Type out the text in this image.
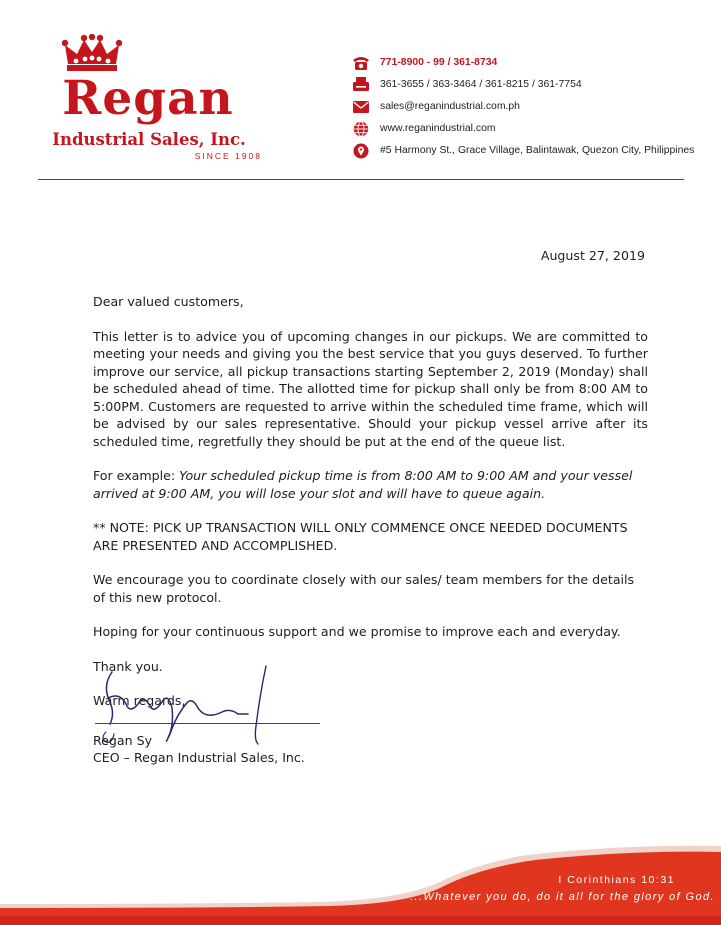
Regan
Industrial Sales, Inc.
SINCE 1908
771-8900 - 99 / 361-8734
361-3655 / 363-3464 / 361-8215 / 361-7754
sales@reganindustrial.com.ph
www.reganindustrial.com
#5 Harmony St., Grace Village, Balintawak, Quezon City, Philippines
August 27, 2019

Dear valued customers,

This letter is to advice you of upcoming changes in our pickups. We are committed to meeting your needs and giving you the best service that you guys deserved. To further improve our service, all pickup transactions starting September 2, 2019 (Monday) shall be scheduled ahead of time. The allotted time for pickup shall only be from 8:00 AM to 5:00PM. Customers are requested to arrive within the scheduled time frame, which will be advised by our sales representative. Should your pickup vessel arrive after its scheduled time, regretfully they should be put at the end of the queue list.

For example: Your scheduled pickup time is from 8:00 AM to 9:00 AM and your vessel arrived at 9:00 AM, you will lose your slot and will have to queue again.

** NOTE: PICK UP TRANSACTION WILL ONLY COMMENCE ONCE NEEDED DOCUMENTS ARE PRESENTED AND ACCOMPLISHED.

We encourage you to coordinate closely with our sales/ team members for the details of this new protocol.

Hoping for your continuous support and we promise to improve each and everyday.

Thank you.

Warm regards,

Regan Sy
CEO – Regan Industrial Sales, Inc.
I Corinthians 10:31
...Whatever you do, do it all for the glory of God.
